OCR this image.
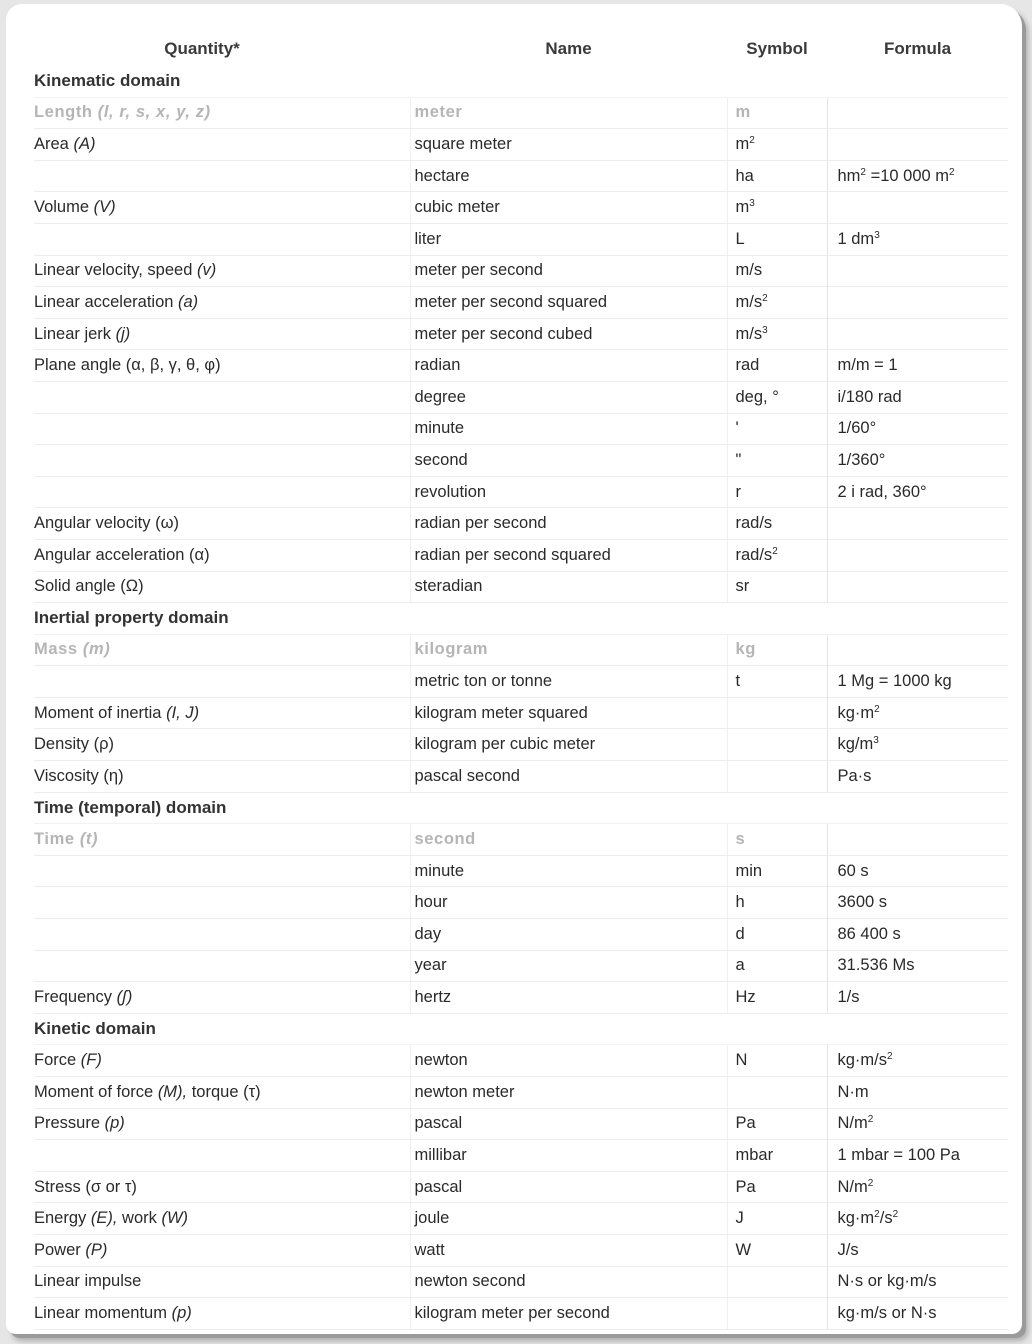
Quantity*	Name	Symbol	Formula
Kinematic domain			
Length (l, r, s, x, y, z)	meter	m	
Area (A)	square meter	$m^2$	
	hectare	ha	$hm^2 =10$ 000 $m^2$
Volume (V)	cubic meter	$m^3$	
	liter	L	1 $dm^3$
Linear velocity, speed (v)	meter per second	m/s	
Linear acceleration (a)	meter per second squared	$m/s^2$	
Linear jerk (j)	meter per second cubed	$m/s^3$	
Plane angle (α, β, γ, θ, φ)	radian	rad	m/m = 1
	degree	deg, °	i/180 rad
	minute	'	1/60°
	second	"	1/360°
	revolution	r	2 i rad, 360°
Angular velocity (ω)	radian per second	rad/s	
Angular acceleration (α)	radian per second squared	rad/$s^2$	
Solid angle (Ω)	steradian	sr	
Inertial property domain			
Mass (m)	kilogram	kg	
	metric ton or tonne	t	1 Mg = 1000 kg
Moment of inertia (I, J)	kilogram meter squared		$kg\cdot m^2$
Density (ρ)	kilogram per cubic meter		$kg/m^3$
Viscosity (η)	pascal second		Pa·s
Time (temporal) domain			
Time (t)	second	s	
	minute	min	60 s
	hour	h	3600 s
	day	d	86 400 s
	year	a	31.536 Ms
Frequency (ʃ)	hertz	Hz	1/s
Kinetic domain			
Force (F)	newton	N	$kg\cdot m/s^2$
Moment of force (M), torque (τ)	newton meter		N·m
Pressure (p)	pascal	Pa	$N/m^2$
	millibar	mbar	1 mbar = 100 Pa
Stress (σ or τ)	pascal	Pa	$N/m^2$
Energy (E), work (W)	joule	J	$kg\cdot m^2/s^2$
Power (P)	watt	W	J/s
Linear impulse	newton second		N·s or kg·m/s
Linear momentum (p)	kilogram meter per second		kg·m/s or N·s
